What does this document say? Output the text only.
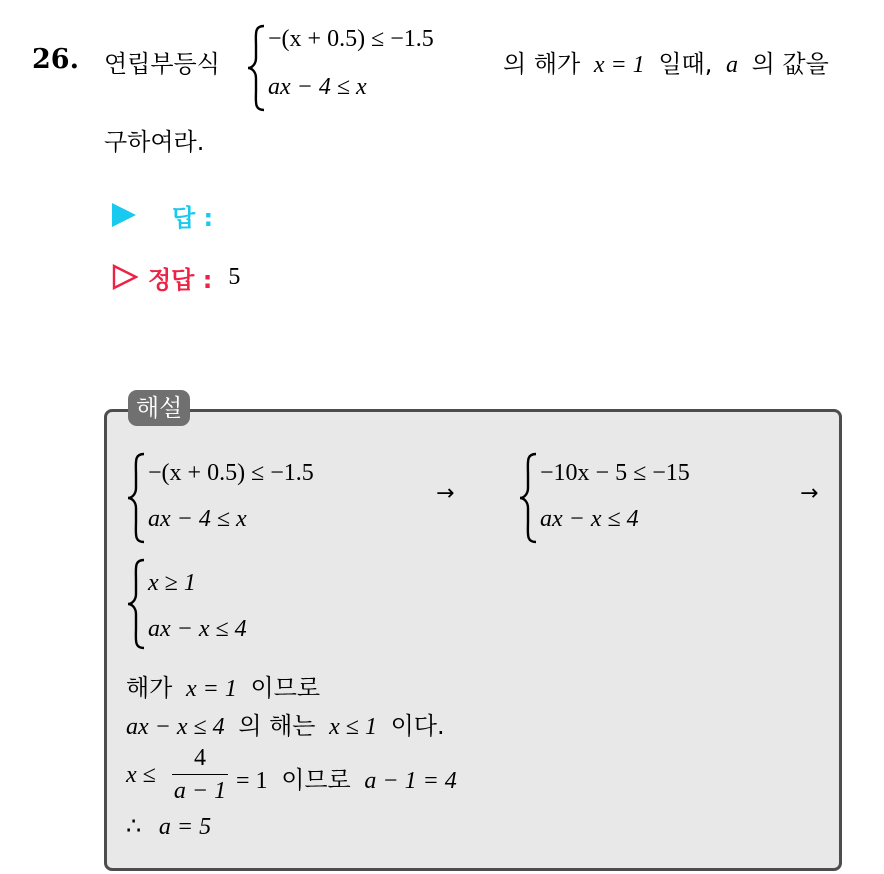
26. 연립부등식
−(x + 0.5) ≤ −1.5
ax − 4 ≤ x
의 해가 x = 1 일때, a 의 값을
구하여라.
답 :
정답 : 5
해설
−(x + 0.5) ≤ −1.5
ax − 4 ≤ x
→
−10x − 5 ≤ −15
ax − x ≤ 4
→
x ≥ 1
ax − x ≤ 4
해가 x = 1 이므로
ax − x ≤ 4 의 해는 x ≤ 1 이다.
x ≤
4
a − 1 = 1 이므로 a − 1 = 4
∴ a = 5
